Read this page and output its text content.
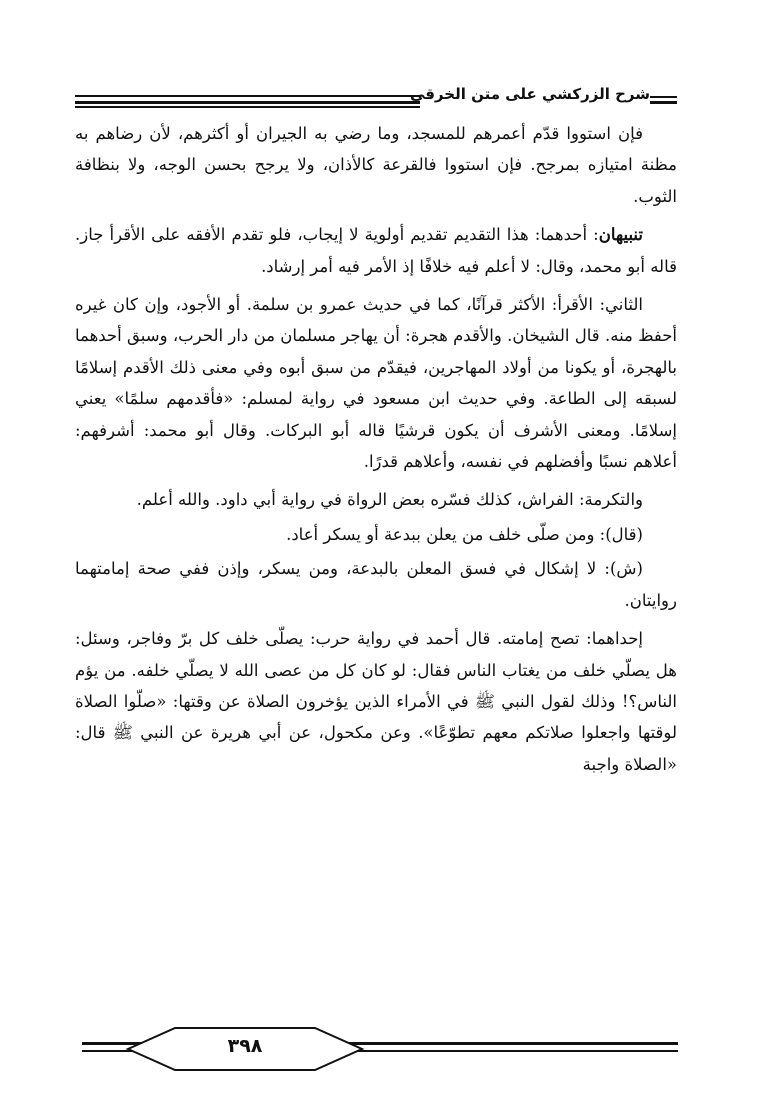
شرح الزركشي على متن الخرقي

فإن استووا قدّم أعمرهم للمسجد، وما رضي به الجيران أو أكثرهم، لأن رضاهم به مظنة امتيازه بمرجح. فإن استووا فالقرعة كالأذان، ولا يرجح بحسن الوجه، ولا بنظافة الثوب.

تنبيهان: أحدهما: هذا التقديم تقديم أولوية لا إيجاب، فلو تقدم الأفقه على الأقرأ جاز. قاله أبو محمد، وقال: لا أعلم فيه خلافًا إذ الأمر فيه أمر إرشاد.

الثاني: الأقرأ: الأكثر قرآنًا، كما في حديث عمرو بن سلمة. أو الأجود، وإن كان غيره أحفظ منه. قال الشيخان. والأقدم هجرة: أن يهاجر مسلمان من دار الحرب، وسبق أحدهما بالهجرة، أو يكونا من أولاد المهاجرين، فيقدّم من سبق أبوه وفي معنى ذلك الأقدم إسلامًا لسبقه إلى الطاعة. وفي حديث ابن مسعود في رواية لمسلم: «فأقدمهم سلمًا» يعني إسلامًا. ومعنى الأشرف أن يكون قرشيًا قاله أبو البركات. وقال أبو محمد: أشرفهم: أعلاهم نسبًا وأفضلهم في نفسه، وأعلاهم قدرًا.

والتكرمة: الفراش، كذلك فسّره بعض الرواة في رواية أبي داود. والله أعلم.

(قال): ومن صلّى خلف من يعلن ببدعة أو يسكر أعاد.

(ش): لا إشكال في فسق المعلن بالبدعة، ومن يسكر، وإذن ففي صحة إمامتهما روايتان.

إحداهما: تصح إمامته. قال أحمد في رواية حرب: يصلّى خلف كل برّ وفاجر، وسئل: هل يصلّي خلف من يغتاب الناس فقال: لو كان كل من عصى الله لا يصلّي خلفه. من يؤم الناس؟! وذلك لقول النبي ﷺ في الأمراء الذين يؤخرون الصلاة عن وقتها: «صلّوا الصلاة لوقتها واجعلوا صلاتكم معهم تطوّعًا». وعن مكحول، عن أبي هريرة عن النبي ﷺ قال: «الصلاة واجبة

٣٩٨
